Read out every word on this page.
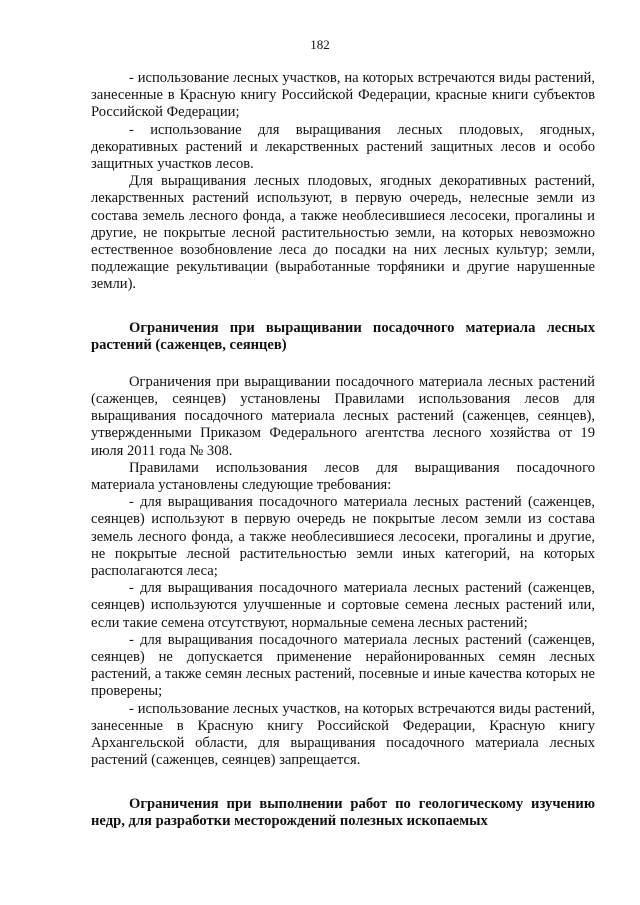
182

- использование лесных участков, на которых встречаются виды растений, занесенные в Красную книгу Российской Федерации, красные книги субъектов Российской Федерации;

- использование для выращивания лесных плодовых, ягодных, декоративных растений и лекарственных растений защитных лесов и особо защитных участков лесов.

Для выращивания лесных плодовых, ягодных декоративных растений, лекарственных растений используют, в первую очередь, нелесные земли из состава земель лесного фонда, а также необлесившиеся лесосеки, прогалины и другие, не покрытые лесной растительностью земли, на которых невозможно естественное возобновление леса до посадки на них лесных культур; земли, подлежащие рекультивации (выработанные торфяники и другие нарушенные земли).

Ограничения при выращивании посадочного материала лесных растений (саженцев, сеянцев)

Ограничения при выращивании посадочного материала лесных растений (саженцев, сеянцев) установлены Правилами использования лесов для выращивания посадочного материала лесных растений (саженцев, сеянцев), утвержденными Приказом Федерального агентства лесного хозяйства от 19 июля 2011 года № 308.

Правилами использования лесов для выращивания посадочного материала установлены следующие требования:

- для выращивания посадочного материала лесных растений (саженцев, сеянцев) используют в первую очередь не покрытые лесом земли из состава земель лесного фонда, а также необлесившиеся лесосеки, прогалины и другие, не покрытые лесной растительностью земли иных категорий, на которых располагаются леса;

- для выращивания посадочного материала лесных растений (саженцев, сеянцев) используются улучшенные и сортовые семена лесных растений или, если такие семена отсутствуют, нормальные семена лесных растений;

- для выращивания посадочного материала лесных растений (саженцев, сеянцев) не допускается применение нерайонированных семян лесных растений, а также семян лесных растений, посевные и иные качества которых не проверены;

- использование лесных участков, на которых встречаются виды растений, занесенные в Красную книгу Российской Федерации, Красную книгу Архангельской области, для выращивания посадочного материала лесных растений (саженцев, сеянцев) запрещается.

Ограничения при выполнении работ по геологическому изучению недр, для разработки месторождений полезных ископаемых
